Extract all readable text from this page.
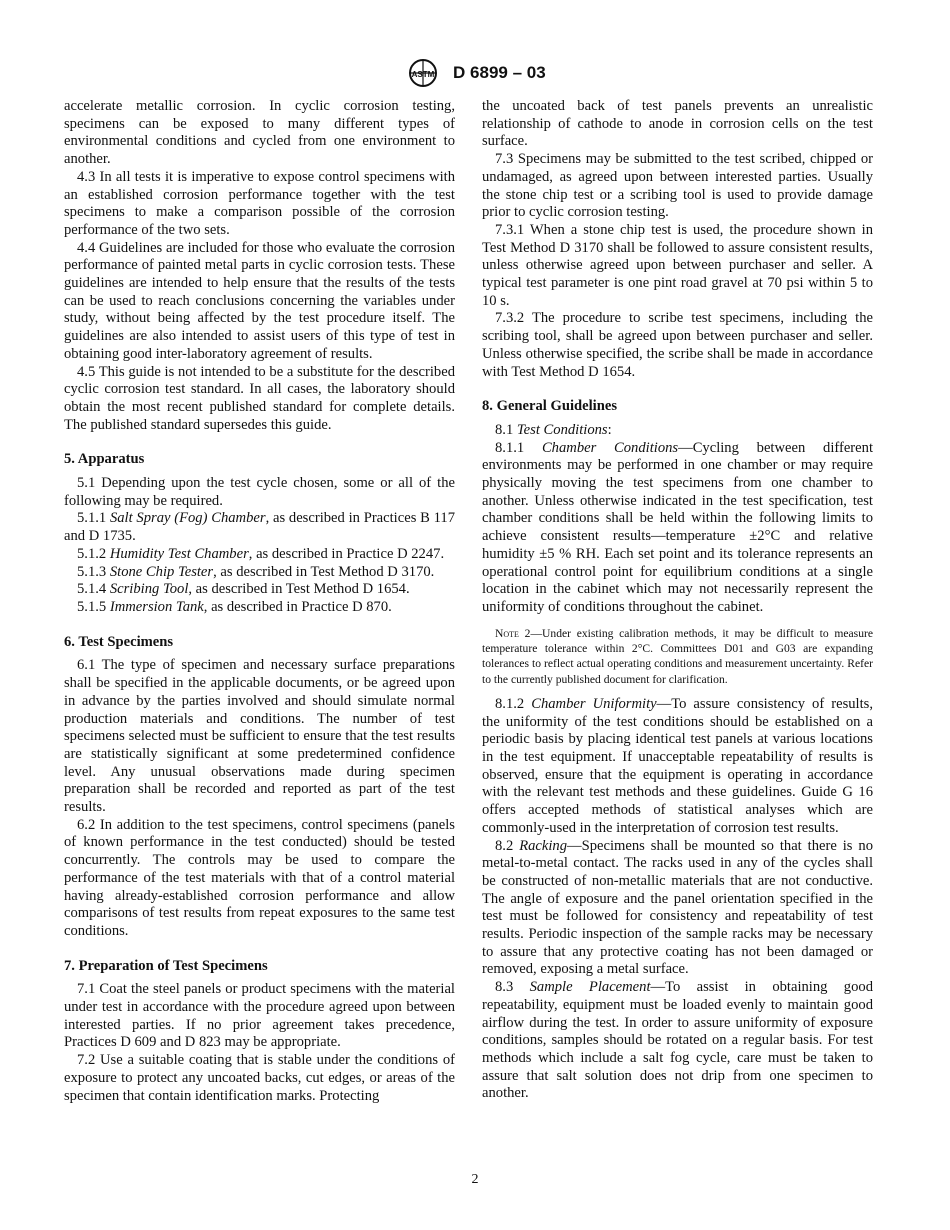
ASTM D 6899 – 03

accelerate metallic corrosion. In cyclic corrosion testing, specimens can be exposed to many different types of environmental conditions and cycled from one environment to another.

4.3 In all tests it is imperative to expose control specimens with an established corrosion performance together with the test specimens to make a comparison possible of the corrosion performance of the two sets.

4.4 Guidelines are included for those who evaluate the corrosion performance of painted metal parts in cyclic corrosion tests. These guidelines are intended to help ensure that the results of the tests can be used to reach conclusions concerning the variables under study, without being affected by the test procedure itself. The guidelines are also intended to assist users of this type of test in obtaining good inter-laboratory agreement of results.

4.5 This guide is not intended to be a substitute for the described cyclic corrosion test standard. In all cases, the laboratory should obtain the most recent published standard for complete details. The published standard supersedes this guide.

5. Apparatus

5.1 Depending upon the test cycle chosen, some or all of the following may be required.

5.1.1 Salt Spray (Fog) Chamber, as described in Practices B 117 and D 1735.

5.1.2 Humidity Test Chamber, as described in Practice D 2247.

5.1.3 Stone Chip Tester, as described in Test Method D 3170.

5.1.4 Scribing Tool, as described in Test Method D 1654.

5.1.5 Immersion Tank, as described in Practice D 870.

6. Test Specimens

6.1 The type of specimen and necessary surface preparations shall be specified in the applicable documents, or be agreed upon in advance by the parties involved and should simulate normal production materials and conditions. The number of test specimens selected must be sufficient to ensure that the test results are statistically significant at some predetermined confidence level. Any unusual observations made during specimen preparation shall be recorded and reported as part of the test results.

6.2 In addition to the test specimens, control specimens (panels of known performance in the test conducted) should be tested concurrently. The controls may be used to compare the performance of the test materials with that of a control material having already-established corrosion performance and allow comparisons of test results from repeat exposures to the same test conditions.

7. Preparation of Test Specimens

7.1 Coat the steel panels or product specimens with the material under test in accordance with the procedure agreed upon between interested parties. If no prior agreement takes precedence, Practices D 609 and D 823 may be appropriate.

7.2 Use a suitable coating that is stable under the conditions of exposure to protect any uncoated backs, cut edges, or areas of the specimen that contain identification marks. Protecting

the uncoated back of test panels prevents an unrealistic relationship of cathode to anode in corrosion cells on the test surface.

7.3 Specimens may be submitted to the test scribed, chipped or undamaged, as agreed upon between interested parties. Usually the stone chip test or a scribing tool is used to provide damage prior to cyclic corrosion testing.

7.3.1 When a stone chip test is used, the procedure shown in Test Method D 3170 shall be followed to assure consistent results, unless otherwise agreed upon between purchaser and seller. A typical test parameter is one pint road gravel at 70 psi within 5 to 10 s.

7.3.2 The procedure to scribe test specimens, including the scribing tool, shall be agreed upon between purchaser and seller. Unless otherwise specified, the scribe shall be made in accordance with Test Method D 1654.

8. General Guidelines

8.1 Test Conditions:

8.1.1 Chamber Conditions—Cycling between different environments may be performed in one chamber or may require physically moving the test specimens from one chamber to another. Unless otherwise indicated in the test specification, test chamber conditions shall be held within the following limits to achieve consistent results—temperature ±2°C and relative humidity ±5 % RH. Each set point and its tolerance represents an operational control point for equilibrium conditions at a single location in the cabinet which may not necessarily represent the uniformity of conditions throughout the cabinet.

Note 2—Under existing calibration methods, it may be difficult to measure temperature tolerance within 2°C. Committees D01 and G03 are expanding tolerances to reflect actual operating conditions and measurement uncertainty. Refer to the currently published document for clarification.

8.1.2 Chamber Uniformity—To assure consistency of results, the uniformity of the test conditions should be established on a periodic basis by placing identical test panels at various locations in the test equipment. If unacceptable repeatability of results is observed, ensure that the equipment is operating in accordance with the relevant test methods and these guidelines. Guide G 16 offers accepted methods of statistical analyses which are commonly-used in the interpretation of corrosion test results.

8.2 Racking—Specimens shall be mounted so that there is no metal-to-metal contact. The racks used in any of the cycles shall be constructed of non-metallic materials that are not conductive. The angle of exposure and the panel orientation specified in the test must be followed for consistency and repeatability of test results. Periodic inspection of the sample racks may be necessary to assure that any protective coating has not been damaged or removed, exposing a metal surface.

8.3 Sample Placement—To assist in obtaining good repeatability, equipment must be loaded evenly to maintain good airflow during the test. In order to assure uniformity of exposure conditions, samples should be rotated on a regular basis. For test methods which include a salt fog cycle, care must be taken to assure that salt solution does not drip from one specimen to another.

2
